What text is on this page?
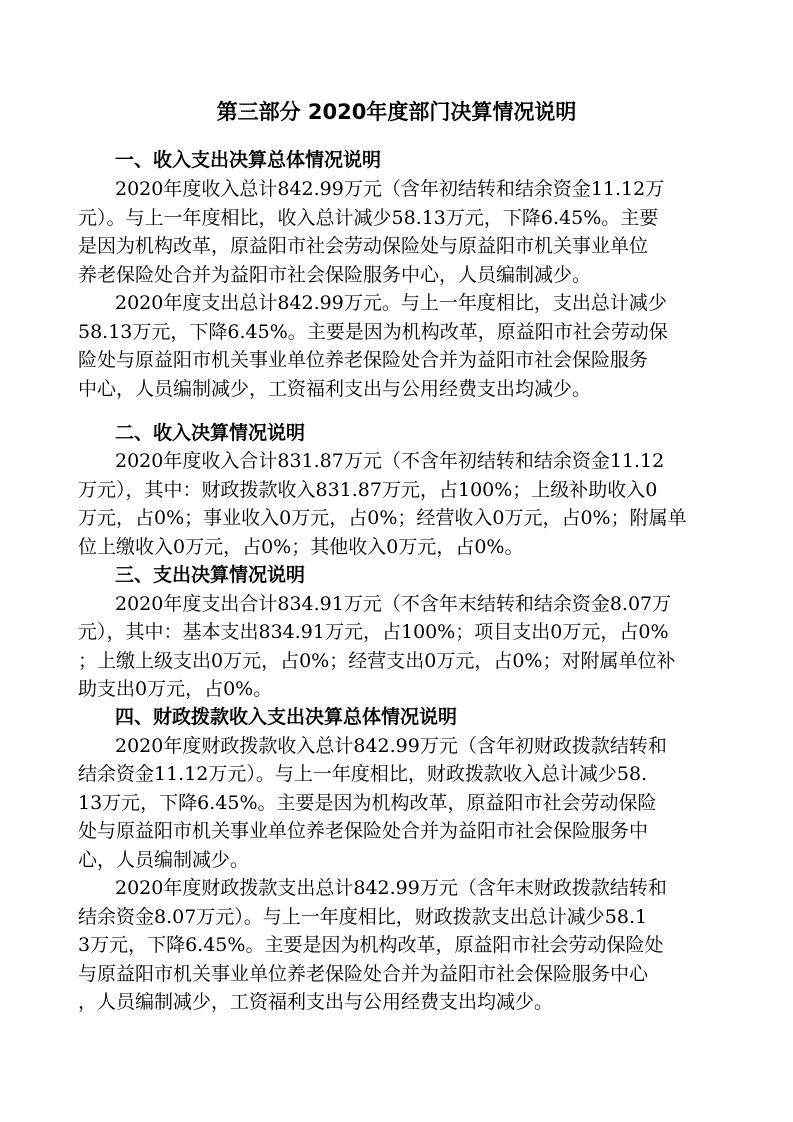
第三部分 2020年度部门决算情况说明
一、收入支出决算总体情况说明
2020年度收入总计842.99万元（含年初结转和结余资金11.12万
元）。与上一年度相比，收入总计减少58.13万元，下降6.45%。主要
是因为机构改革，原益阳市社会劳动保险处与原益阳市机关事业单位
养老保险处合并为益阳市社会保险服务中心，人员编制减少。
2020年度支出总计842.99万元。与上一年度相比，支出总计减少
58.13万元，下降6.45%。主要是因为机构改革，原益阳市社会劳动保
险处与原益阳市机关事业单位养老保险处合并为益阳市社会保险服务
中心，人员编制减少，工资福利支出与公用经费支出均减少。
二、收入决算情况说明
2020年度收入合计831.87万元（不含年初结转和结余资金11.12
万元），其中：财政拨款收入831.87万元，占100%；上级补助收入0
万元，占0%；事业收入0万元，占0%；经营收入0万元，占0%；附属单
位上缴收入0万元，占0%；其他收入0万元，占0%。
三、支出决算情况说明
2020年度支出合计834.91万元（不含年末结转和结余资金8.07万
元），其中：基本支出834.91万元，占100%；项目支出0万元，占0%
；上缴上级支出0万元，占0%；经营支出0万元，占0%；对附属单位补
助支出0万元，占0%。
四、财政拨款收入支出决算总体情况说明
2020年度财政拨款收入总计842.99万元（含年初财政拨款结转和
结余资金11.12万元）。与上一年度相比，财政拨款收入总计减少58.
13万元，下降6.45%。主要是因为机构改革，原益阳市社会劳动保险
处与原益阳市机关事业单位养老保险处合并为益阳市社会保险服务中
心，人员编制减少。
2020年度财政拨款支出总计842.99万元（含年末财政拨款结转和
结余资金8.07万元）。与上一年度相比，财政拨款支出总计减少58.1
3万元，下降6.45%。主要是因为机构改革，原益阳市社会劳动保险处
与原益阳市机关事业单位养老保险处合并为益阳市社会保险服务中心
，人员编制减少，工资福利支出与公用经费支出均减少。
